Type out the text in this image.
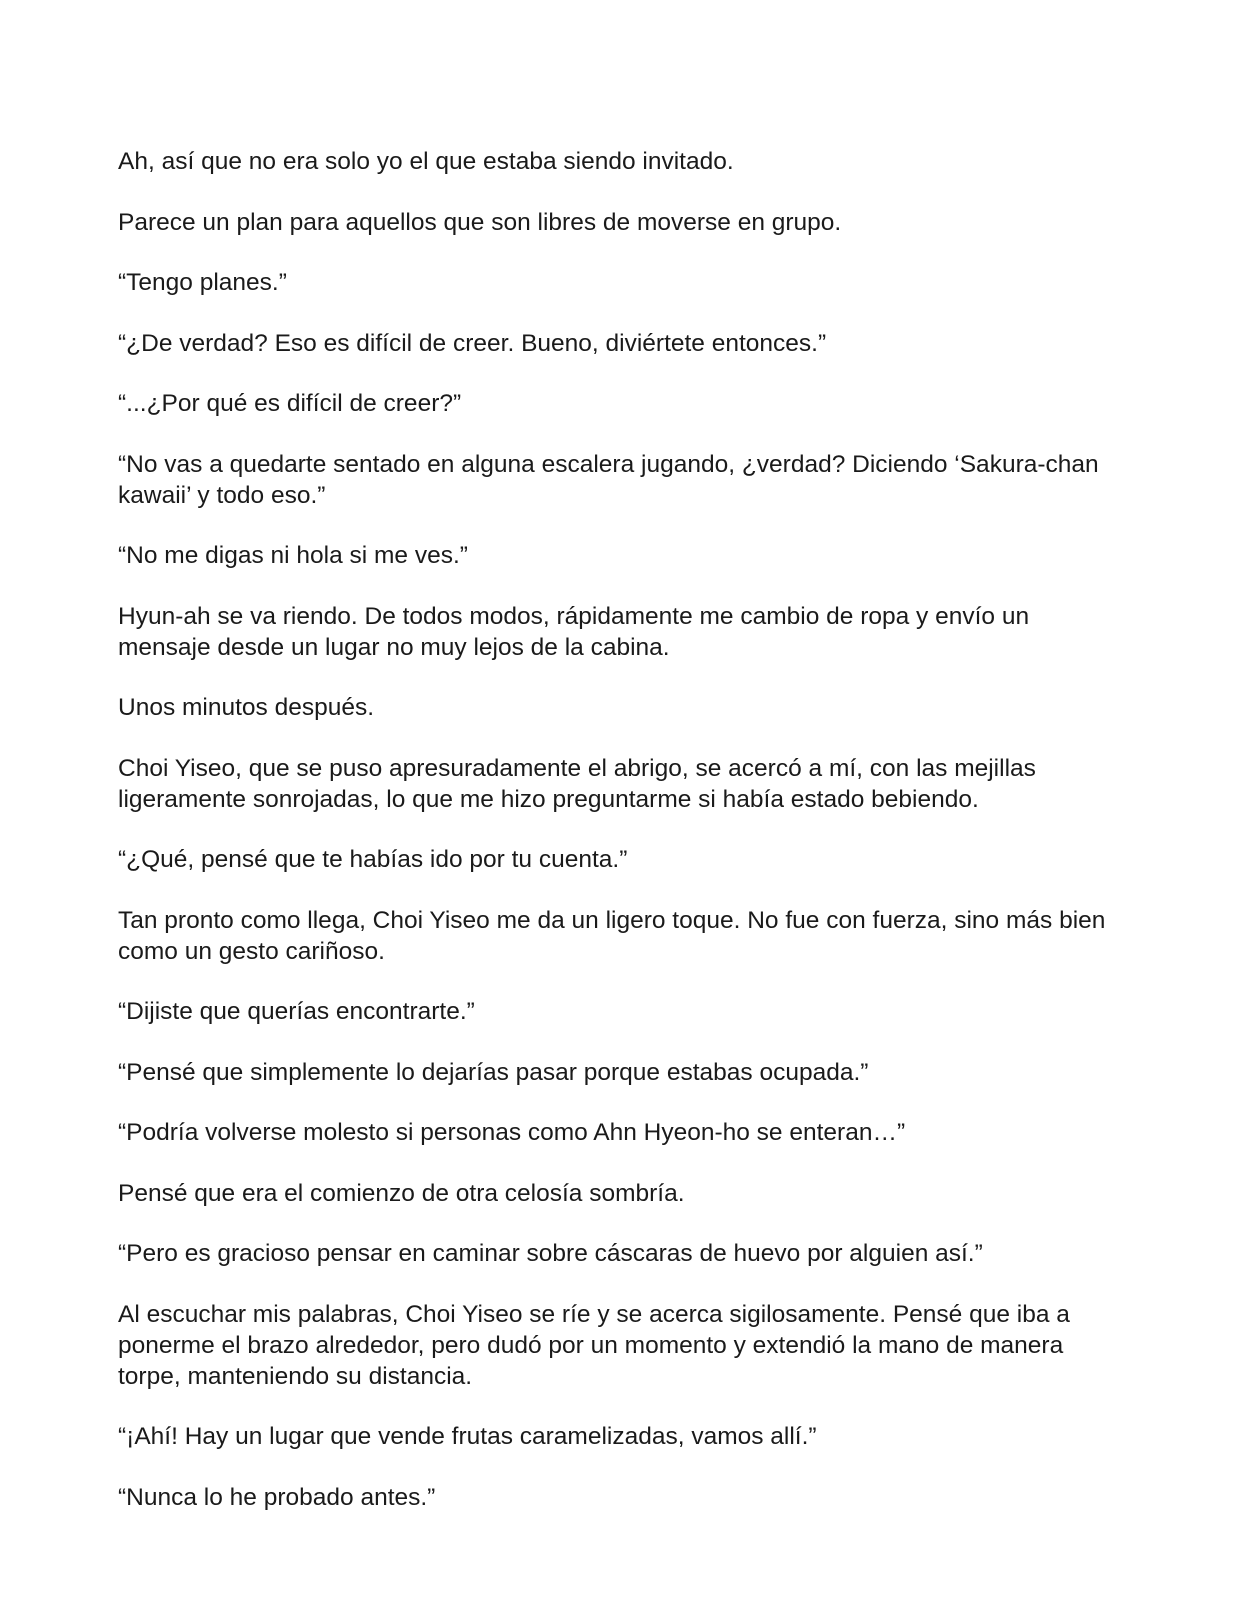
Ah, así que no era solo yo el que estaba siendo invitado.

Parece un plan para aquellos que son libres de moverse en grupo.

“Tengo planes.”

“¿De verdad? Eso es difícil de creer. Bueno, diviértete entonces.”

“...¿Por qué es difícil de creer?”

“No vas a quedarte sentado en alguna escalera jugando, ¿verdad? Diciendo ‘Sakura-chan kawaii’ y todo eso.”

“No me digas ni hola si me ves.”

Hyun-ah se va riendo. De todos modos, rápidamente me cambio de ropa y envío un mensaje desde un lugar no muy lejos de la cabina.

Unos minutos después.

Choi Yiseo, que se puso apresuradamente el abrigo, se acercó a mí, con las mejillas ligeramente sonrojadas, lo que me hizo preguntarme si había estado bebiendo.

“¿Qué, pensé que te habías ido por tu cuenta.”

Tan pronto como llega, Choi Yiseo me da un ligero toque. No fue con fuerza, sino más bien como un gesto cariñoso.

“Dijiste que querías encontrarte.”

“Pensé que simplemente lo dejarías pasar porque estabas ocupada.”

“Podría volverse molesto si personas como Ahn Hyeon-ho se enteran…”

Pensé que era el comienzo de otra celosía sombría.

“Pero es gracioso pensar en caminar sobre cáscaras de huevo por alguien así.”

Al escuchar mis palabras, Choi Yiseo se ríe y se acerca sigilosamente. Pensé que iba a ponerme el brazo alrededor, pero dudó por un momento y extendió la mano de manera torpe, manteniendo su distancia.

“¡Ahí! Hay un lugar que vende frutas caramelizadas, vamos allí.”

“Nunca lo he probado antes.”
